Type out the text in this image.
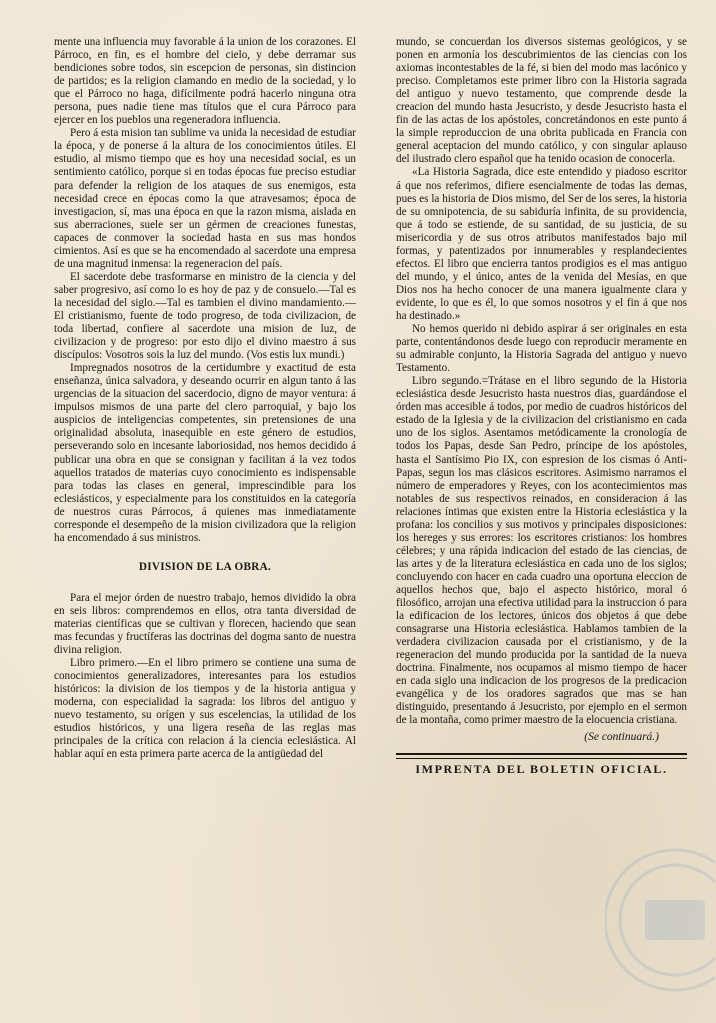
mente una influencia muy favorable á la union de los corazones. El Párroco, en fin, es el hombre del cielo, y debe derramar sus bendiciones sobre todos, sin escepcion de personas, sin distincion de partidos; es la religion clamando en medio de la sociedad, y lo que el Párroco no haga, difícilmente podrá hacerlo ninguna otra persona, pues nadie tiene mas títulos que el cura Párroco para ejercer en los pueblos una regeneradora influencia.

Pero á esta mision tan sublime va unida la necesidad de estudiar la época, y de ponerse á la altura de los conocimientos útiles. El estudio, al mismo tiempo que es hoy una necesidad social, es un sentimiento católico, porque si en todas épocas fue preciso estudiar para defender la religion de los ataques de sus enemigos, esta necesidad crece en épocas como la que atravesamos; época de investigacion, sí, mas una época en que la razon misma, aislada en sus aberraciones, suele ser un gérmen de creaciones funestas, capaces de conmover la sociedad hasta en sus mas hondos cimientos. Así es que se ha encomendado al sacerdote una empresa de una magnitud inmensa: la regeneracion del país.

El sacerdote debe trasformarse en ministro de la ciencia y del saber progresivo, así como lo es hoy de paz y de consuelo.—Tal es la necesidad del siglo.—Tal es tambien el divino mandamiento.—El cristianismo, fuente de todo progreso, de toda civilizacion, de toda libertad, confiere al sacerdote una mision de luz, de civilizacion y de progreso: por esto dijo el divino maestro á sus discípulos: Vosotros sois la luz del mundo. (Vos estis lux mundi.)

Impregnados nosotros de la certidumbre y exactitud de esta enseñanza, única salvadora, y deseando ocurrir en algun tanto á las urgencias de la situacion del sacerdocio, digno de mayor ventura: á impulsos mismos de una parte del clero parroquial, y bajo los auspicios de inteligencias competentes, sin pretensiones de una originalidad absoluta, inasequible en este género de estudios, perseverando solo en incesante laboriosidad, nos hemos decidido á publicar una obra en que se consignan y facilitan á la vez todos aquellos tratados de materias cuyo conocimiento es indispensable para todas las clases en general, imprescindible para los eclesiásticos, y especialmente para los constituidos en la categoría de nuestros curas Párrocos, á quienes mas inmediatamente corresponde el desempeño de la mision civilizadora que la religion ha encomendado á sus ministros.

DIVISION DE LA OBRA.

Para el mejor órden de nuestro trabajo, hemos dividido la obra en seis libros: comprendemos en ellos, otra tanta diversidad de materias científicas que se cultivan y florecen, haciendo que sean mas fecundas y fructíferas las doctrinas del dogma santo de nuestra divina religion.

Libro primero.—En el libro primero se contiene una suma de conocimientos generalizadores, interesantes para los estudios históricos: la division de los tiempos y de la historia antigua y moderna, con especialidad la sagrada: los libros del antiguo y nuevo testamento, su orígen y sus escelencias, la utilidad de los estudios históricos, y una ligera reseña de las reglas mas principales de la crítica con relacion á la ciencia eclesiástica. Al hablar aquí en esta primera parte acerca de la antigüedad del

mundo, se concuerdan los diversos sistemas geológicos, y se ponen en armonía los descubrimientos de las ciencias con los axiomas incontestables de la fé, si bien del modo mas lacónico y preciso. Completamos este primer libro con la Historia sagrada del antiguo y nuevo testamento, que comprende desde la creacion del mundo hasta Jesucristo, y desde Jesucristo hasta el fin de las actas de los apóstoles, concretándonos en este punto á la simple reproduccion de una obrita publicada en Francia con general aceptacion del mundo católico, y con singular aplauso del ilustrado clero español que ha tenido ocasion de conocerla.

«La Historia Sagrada, dice este entendido y piadoso escritor á que nos referimos, difiere esencialmente de todas las demas, pues es la historia de Dios mismo, del Ser de los seres, la historia de su omnipotencia, de su sabiduría infinita, de su providencia, que á todo se estiende, de su santidad, de su justicia, de su misericordia y de sus otros atributos manifestados bajo mil formas, y patentizados por innumerables y resplandecientes efectos. El libro que encierra tantos prodigios es el mas antiguo del mundo, y el único, antes de la venida del Mesías, en que Dios nos ha hecho conocer de una manera igualmente clara y evidente, lo que es él, lo que somos nosotros y el fin á que nos ha destinado.»

No hemos querido ni debido aspirar á ser originales en esta parte, contentándonos desde luego con reproducir meramente en su admirable conjunto, la Historia Sagrada del antiguo y nuevo Testamento.

Libro segundo.=Trátase en el libro segundo de la Historia eclesiástica desde Jesucristo hasta nuestros dias, guardándose el órden mas accesible á todos, por medio de cuadros históricos del estado de la Iglesia y de la civilizacion del cristianismo en cada uno de los siglos. Asentamos metódicamente la cronología de todos los Papas, desde San Pedro, príncipe de los apóstoles, hasta el Santísimo Pio IX, con espresion de los cismas ó Anti-Papas, segun los mas clásicos escritores. Asimismo narramos el número de emperadores y Reyes, con los acontecimientos mas notables de sus respectivos reinados, en consideracion á las relaciones íntimas que existen entre la Historia eclesiástica y la profana: los concilios y sus motivos y principales disposiciones: los hereges y sus errores: los escritores cristianos: los hombres célebres; y una rápida indicacion del estado de las ciencias, de las artes y de la literatura eclesiástica en cada uno de los siglos; concluyendo con hacer en cada cuadro una oportuna eleccion de aquellos hechos que, bajo el aspecto histórico, moral ó filosófico, arrojan una efectiva utilidad para la instruccion ó para la edificacion de los lectores, únicos dos objetos á que debe consagrarse una Historia eclesiástica. Hablamos tambien de la verdadera civilizacion causada por el cristianismo, y de la regeneracion del mundo producida por la santidad de la nueva doctrina. Finalmente, nos ocupamos al mismo tiempo de hacer en cada siglo una indicacion de los progresos de la predicacion evangélica y de los oradores sagrados que mas se han distinguido, presentando á Jesucristo, por ejemplo en el sermon de la montaña, como primer maestro de la elocuencia cristiana.

(Se continuará.)
IMPRENTA DEL BOLETIN OFICIAL.
